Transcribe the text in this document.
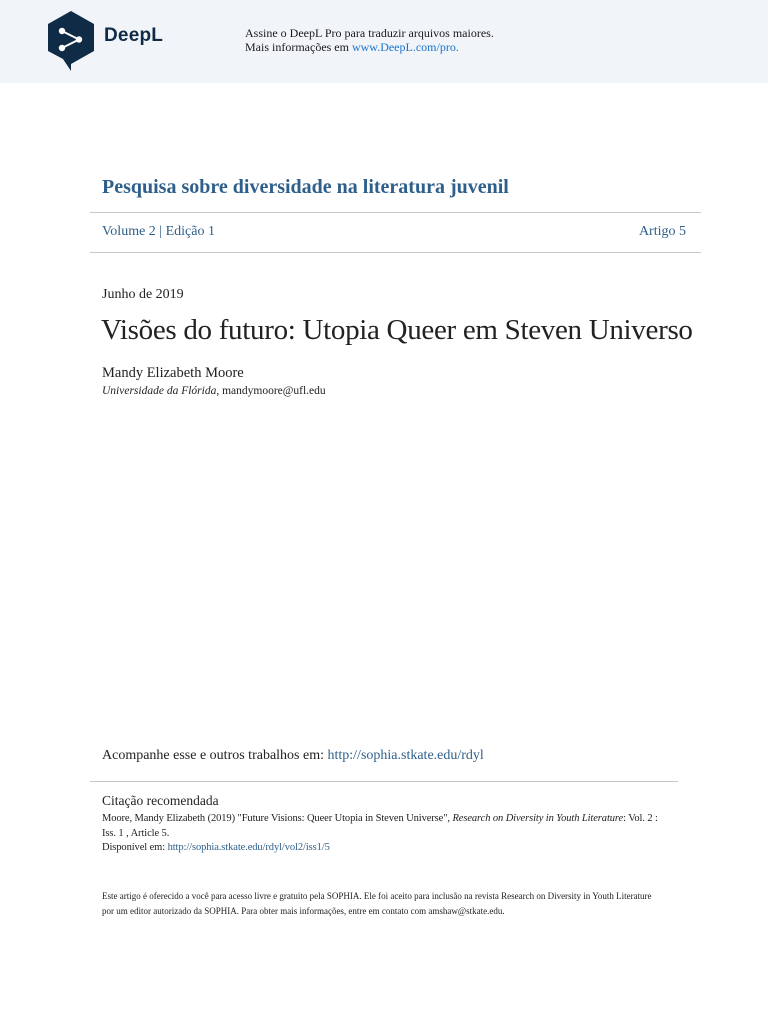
DeepL	Assine o DeepL Pro para traduzir arquivos maiores.
Mais informações em www.DeepL.com/pro.
Pesquisa sobre diversidade na literatura juvenil
Volume 2 | Edição 1	Artigo 5
Junho de 2019
Visões do futuro: Utopia Queer em Steven Universo
Mandy Elizabeth Moore
Universidade da Flórida, mandymoore@ufl.edu
Acompanhe esse e outros trabalhos em: http://sophia.stkate.edu/rdyl
Citação recomendada
Moore, Mandy Elizabeth (2019) "Future Visions: Queer Utopia in Steven Universe", Research on Diversity in Youth Literature: Vol. 2 : Iss. 1 , Article 5.
Disponível em: http://sophia.stkate.edu/rdyl/vol2/iss1/5
Este artigo é oferecido a você para acesso livre e gratuito pela SOPHIA. Ele foi aceito para inclusão na revista Research on Diversity in Youth Literature por um editor autorizado da SOPHIA. Para obter mais informações, entre em contato com amshaw@stkate.edu.
